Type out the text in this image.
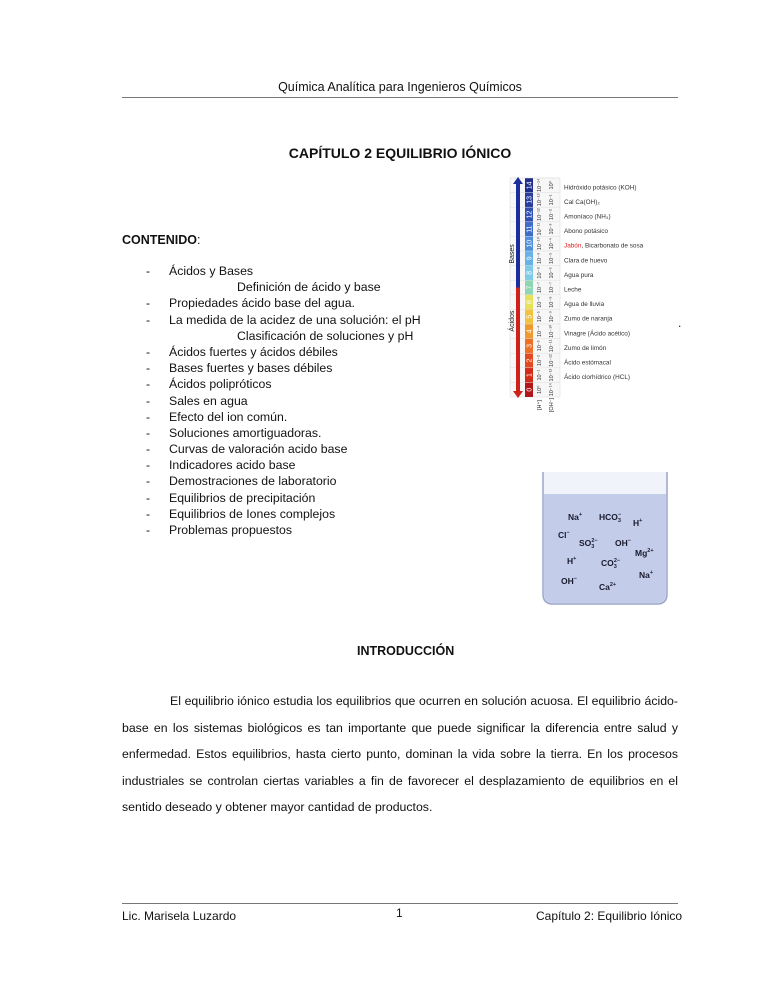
Química Analítica para Ingenieros Químicos
CAPÍTULO 2 EQUILIBRIO IÓNICO
CONTENIDO:
- Ácidos y Bases
Definición de ácido y base
- Propiedades ácido base del agua.
- La medida de la acidez de una solución: el pH
Clasificación de soluciones y pH
- Ácidos fuertes y ácidos débiles
- Bases fuertes y bases débiles
- Ácidos polipróticos
- Sales en agua
- Efecto del ion común.
- Soluciones amortiguadoras.
- Curvas de valoración acido base
- Indicadores acido base
- Demostraciones de laboratorio
- Equilibrios de precipitación
- Equilibrios de Iones complejos
- Problemas propuestos
.
14 10⁻¹⁴ 10⁰
13 10⁻¹³ 10⁻¹
12 10⁻¹² 10⁻²
11 10⁻¹¹ 10⁻³
10 10⁻¹⁰ 10⁻⁴
9 10⁻⁹ 10⁻⁵
8 10⁻⁸ 10⁻⁶
7 10⁻⁷ 10⁻⁷
6 10⁻⁶ 10⁻⁸
5 10⁻⁵ 10⁻⁹
4 10⁻⁴ 10⁻¹⁰
3 10⁻³ 10⁻¹¹
2 10⁻² 10⁻¹²
1 10⁻¹ 10⁻¹³
0 10⁰ 10⁻¹⁴
Bases
Ácidos
[H⁺] [OH⁻]
Hidróxido potásico (KOH)
Cal Ca(OH)₂
Amoníaco (NH₃)
Abono potásico
Jabón, Bicarbonato de sosa
Clara de huevo
Agua pura
Leche
Agua de lluvia
Zumo de naranja
Vinagre (Ácido acético)
Zumo de limón
Ácido estómacal
Ácido clorhídrico (HCL)
Na+ $HCO_3-$
H+
Cl−
$SO_32- OH^-$
$Mg^{2+}$
H+	$CO_32-$
Na+
OH−
$Ca^{2+}$
INTRODUCCIÓN
El equilibrio iónico estudia los equilibrios que ocurren en solución acuosa. El equilibrio ácido-base en los sistemas biológicos es tan importante que puede significar la diferencia entre salud y enfermedad. Estos equilibrios, hasta cierto punto, dominan la vida sobre la tierra. En los procesos industriales se controlan ciertas variables a fin de favorecer el desplazamiento de equilibrios en el sentido deseado y obtener mayor cantidad de productos.
Lic. Marisela Luzardo	1	Capítulo 2: Equilibrio Iónico
